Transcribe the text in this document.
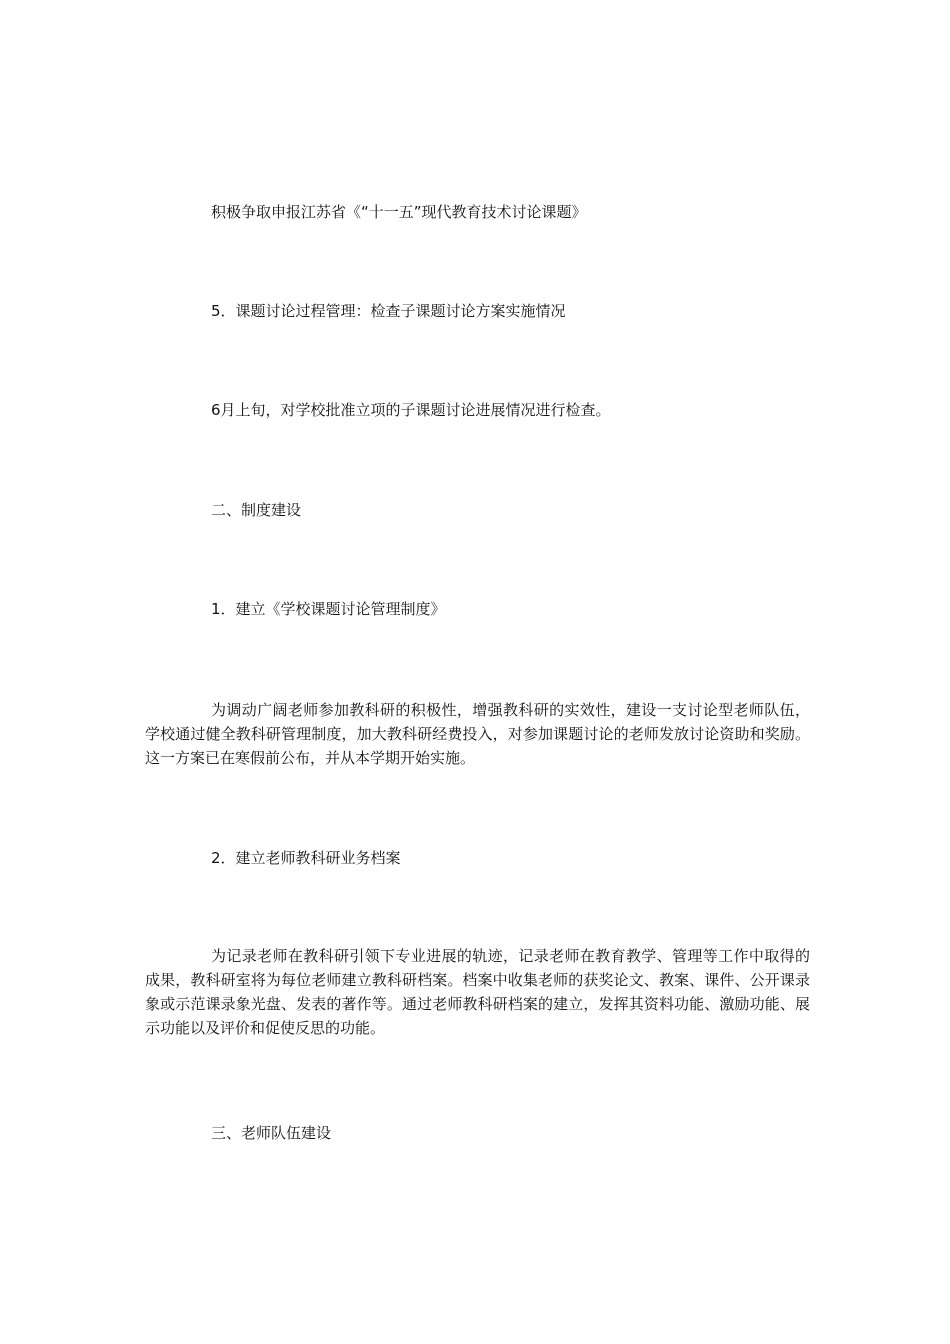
积极争取申报江苏省《“十一五”现代教育技术讨论课题》
5．课题讨论过程管理：检查子课题讨论方案实施情况
6月上旬，对学校批准立项的子课题讨论进展情况进行检查。
二、制度建设
1．建立《学校课题讨论管理制度》
为调动广阔老师参加教科研的积极性，增强教科研的实效性，建设一支讨论型老师队伍，学校通过健全教科研管理制度，加大教科研经费投入，对参加课题讨论的老师发放讨论资助和奖励。这一方案已在寒假前公布，并从本学期开始实施。
2．建立老师教科研业务档案
为记录老师在教科研引领下专业进展的轨迹，记录老师在教育教学、管理等工作中取得的成果，教科研室将为每位老师建立教科研档案。档案中收集老师的获奖论文、教案、课件、公开课录象或示范课录象光盘、发表的著作等。通过老师教科研档案的建立，发挥其资料功能、激励功能、展示功能以及评价和促使反思的功能。
三、老师队伍建设
